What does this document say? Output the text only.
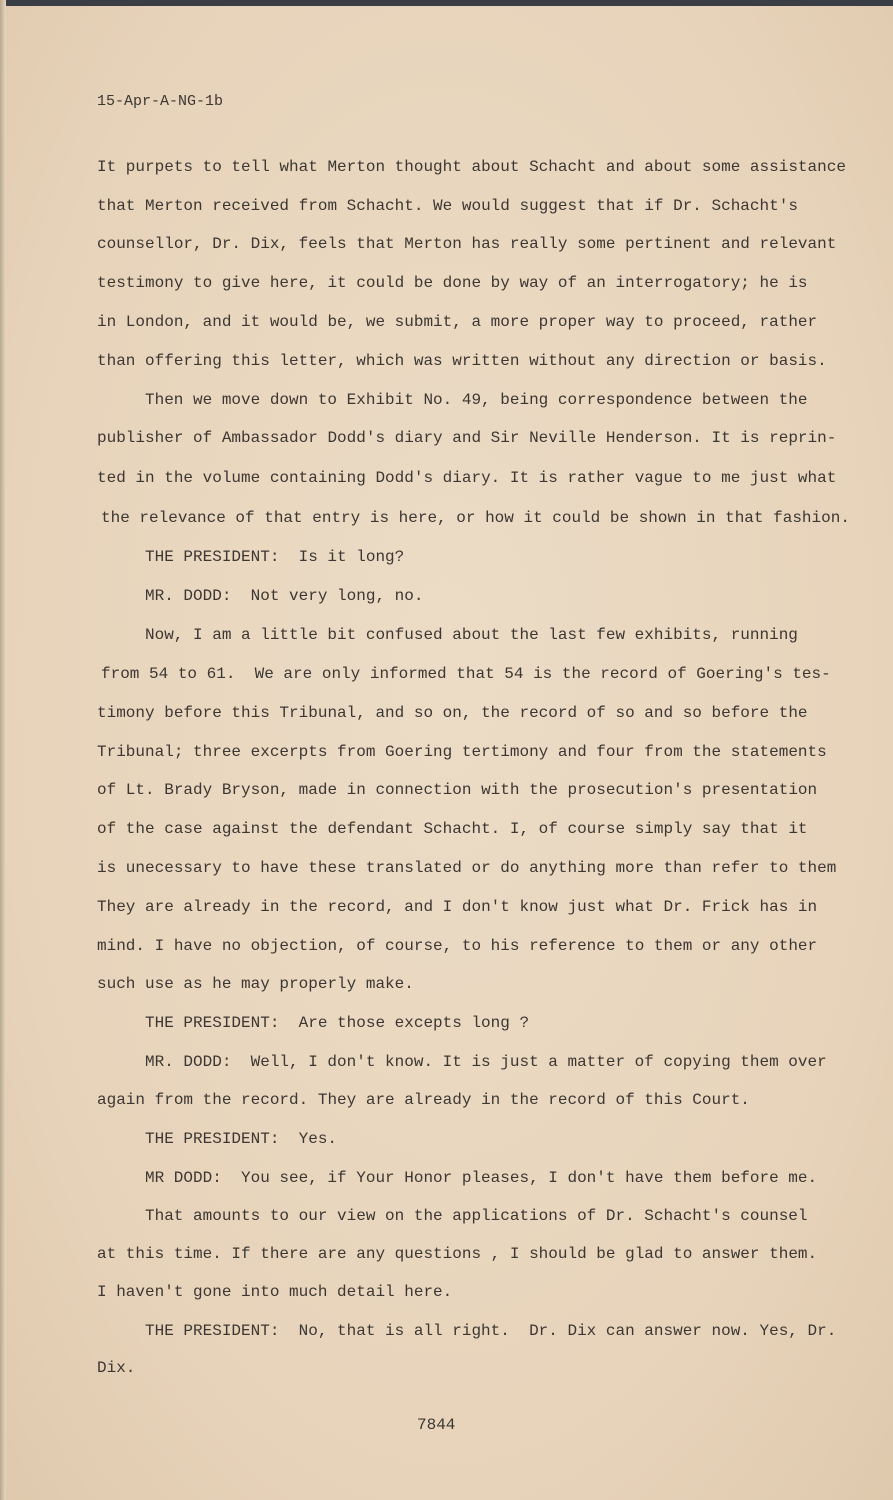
15-Apr-A-NG-1b
It purpets to tell what Merton thought about Schacht and about some assistance
that Merton received from Schacht. We would suggest that if Dr. Schacht's
counsellor, Dr. Dix, feels that Merton has really some pertinent and relevant
testimony to give here, it could be done by way of an interrogatory; he is
in London, and it would be, we submit, a more proper way to proceed, rather
than offering this letter, which was written without any direction or basis.
Then we move down to Exhibit No. 49, being correspondence between the
publisher of Ambassador Dodd's diary and Sir Neville Henderson. It is reprin-
ted in the volume containing Dodd's diary. It is rather vague to me just what
the relevance of that entry is here, or how it could be shown in that fashion.
THE PRESIDENT:  Is it long?
MR. DODD:  Not very long, no.
Now, I am a little bit confused about the last few exhibits, running
from 54 to 61.  We are only informed that 54 is the record of Goering's tes-
timony before this Tribunal, and so on, the record of so and so before the
Tribunal; three excerpts from Goering tertimony and four from the statements
of Lt. Brady Bryson, made in connection with the prosecution's presentation
of the case against the defendant Schacht. I, of course simply say that it
is unecessary to have these translated or do anything more than refer to them
They are already in the record, and I don't know just what Dr. Frick has in
mind. I have no objection, of course, to his reference to them or any other
such use as he may properly make.
THE PRESIDENT:  Are those excepts long ?
MR. DODD:  Well, I don't know. It is just a matter of copying them over
again from the record. They are already in the record of this Court.
THE PRESIDENT:  Yes.
MR DODD:  You see, if Your Honor pleases, I don't have them before me.
That amounts to our view on the applications of Dr. Schacht's counsel
at this time. If there are any questions , I should be glad to answer them.
I haven't gone into much detail here.
THE PRESIDENT:  No, that is all right.  Dr. Dix can answer now. Yes, Dr.
Dix.
7844
